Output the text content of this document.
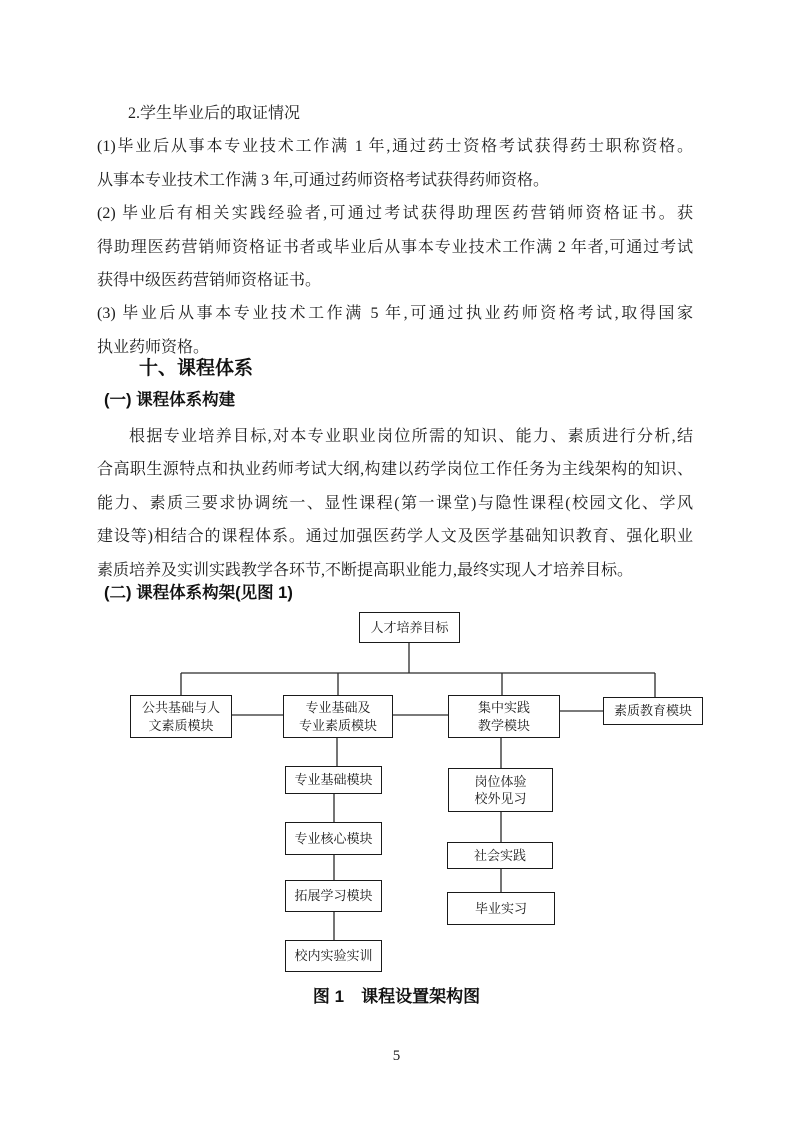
2.学生毕业后的取证情况
(1)毕业后从事本专业技术工作满 1 年,通过药士资格考试获得药士职称资格。
从事本专业技术工作满 3 年,可通过药师资格考试获得药师资格。
(2) 毕业后有相关实践经验者,可通过考试获得助理医药营销师资格证书。获
得助理医药营销师资格证书者或毕业后从事本专业技术工作满 2 年者,可通过考试
获得中级医药营销师资格证书。
(3) 毕业后从事本专业技术工作满 5 年,可通过执业药师资格考试,取得国家
执业药师资格。
十、课程体系
(一) 课程体系构建
根据专业培养目标,对本专业职业岗位所需的知识、能力、素质进行分析,结
合高职生源特点和执业药师考试大纲,构建以药学岗位工作任务为主线架构的知识、
能力、素质三要求协调统一、显性课程(第一课堂)与隐性课程(校园文化、学风
建设等)相结合的课程体系。通过加强医药学人文及医学基础知识教育、强化职业
素质培养及实训实践教学各环节,不断提高职业能力,最终实现人才培养目标。
(二) 课程体系构架(见图 1)
人才培养目标
公共基础与人
文素质模块
专业基础及
专业素质模块
集中实践
教学模块
素质教育模块
专业基础模块
专业核心模块
拓展学习模块
校内实验实训
岗位体验
校外见习
社会实践
毕业实习
图 1　课程设置架构图
5
